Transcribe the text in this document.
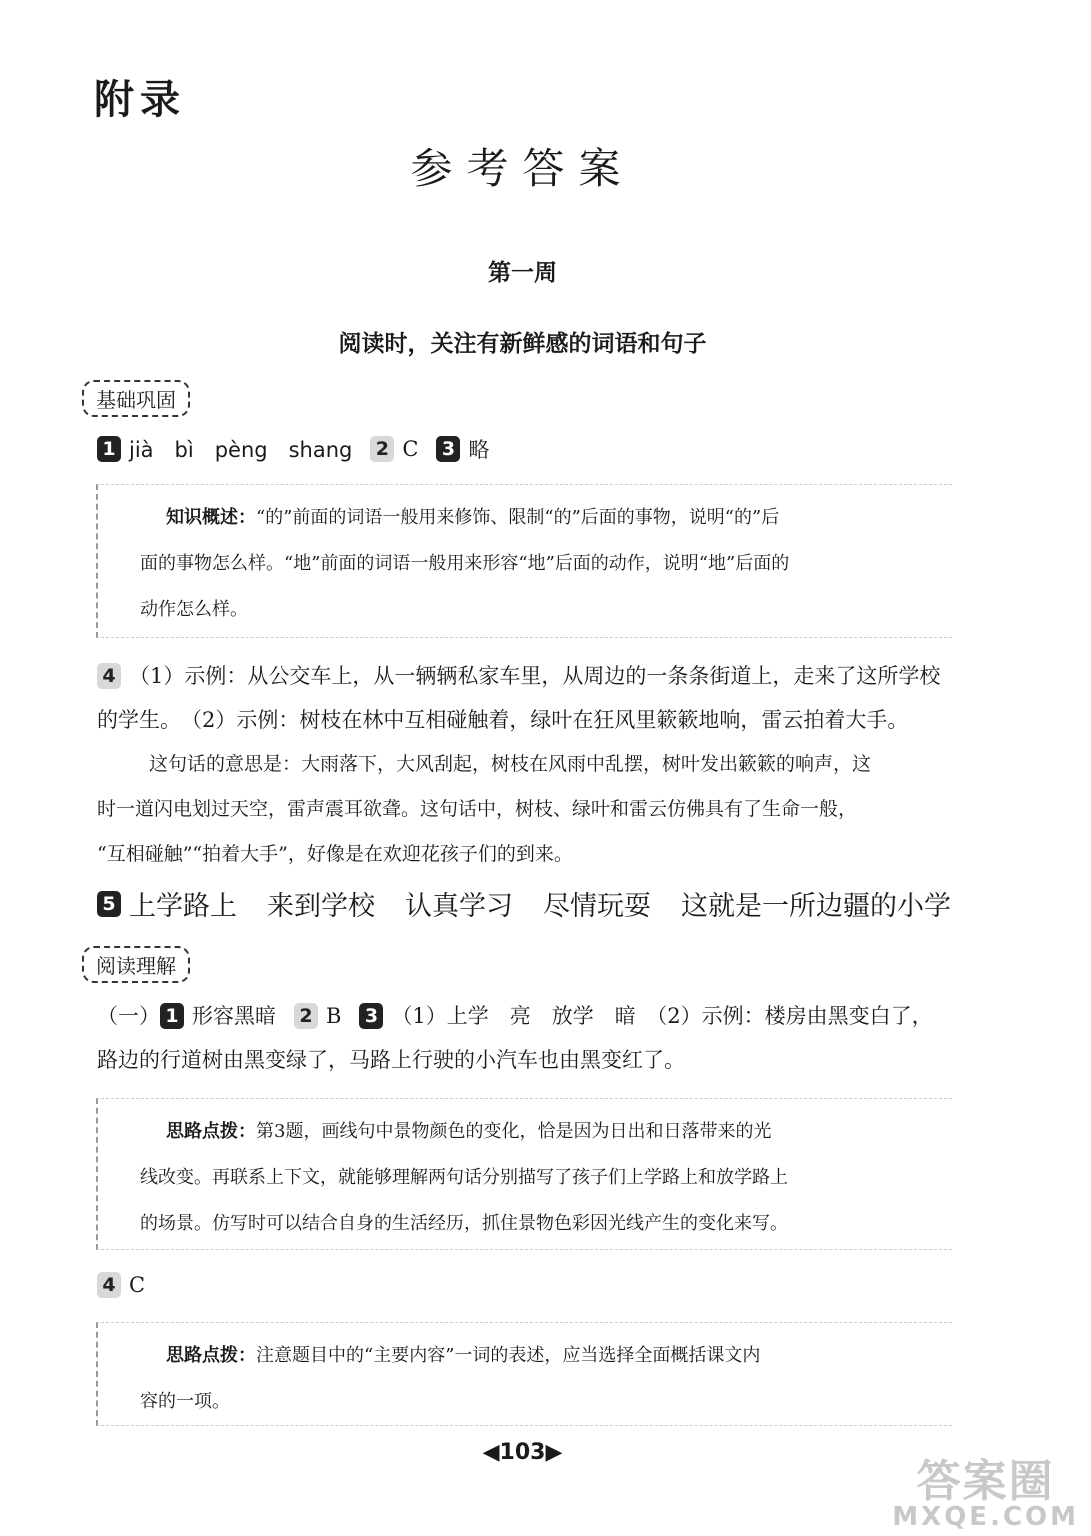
附录
参考答案
第一周
阅读时，关注有新鲜感的词语和句子
基础巩固
1 jià　bì　pèng　shang 2 C 3 略
知识概述：“的”前面的词语一般用来修饰、限制“的”后面的事物，说明“的”后
面的事物怎么样。“地”前面的词语一般用来形容“地”后面的动作，说明“地”后面的
动作怎么样。
4 （1）示例：从公交车上，从一辆辆私家车里，从周边的一条条街道上，走来了这所学校
的学生。　（2）示例：树枝在林中互相碰触着，绿叶在狂风里簌簌地响，雷云拍着大手。
这句话的意思是：大雨落下，大风刮起，树枝在风雨中乱摆，树叶发出簌簌的响声，这
时一道闪电划过天空，雷声震耳欲聋。这句话中，树枝、绿叶和雷云仿佛具有了生命一般，
“互相碰触”“拍着大手”，好像是在欢迎花孩子们的到来。
5 上学路上 来到学校 认真学习 尽情玩耍 这就是一所边疆的小学
阅读理解
（一） 1 形容黑暗 2 B 3 （1）上学　亮　放学　暗　（2）示例：楼房由黑变白了，
路边的行道树由黑变绿了，马路上行驶的小汽车也由黑变红了。
思路点拨：第3题，画线句中景物颜色的变化，恰是因为日出和日落带来的光
线改变。再联系上下文，就能够理解两句话分别描写了孩子们上学路上和放学路上
的场景。仿写时可以结合自身的生活经历，抓住景物色彩因光线产生的变化来写。
4 C
思路点拨：注意题目中的“主要内容”一词的表述，应当选择全面概括课文内
容的一项。
◀103▶
答案圈
MXQE.COM
